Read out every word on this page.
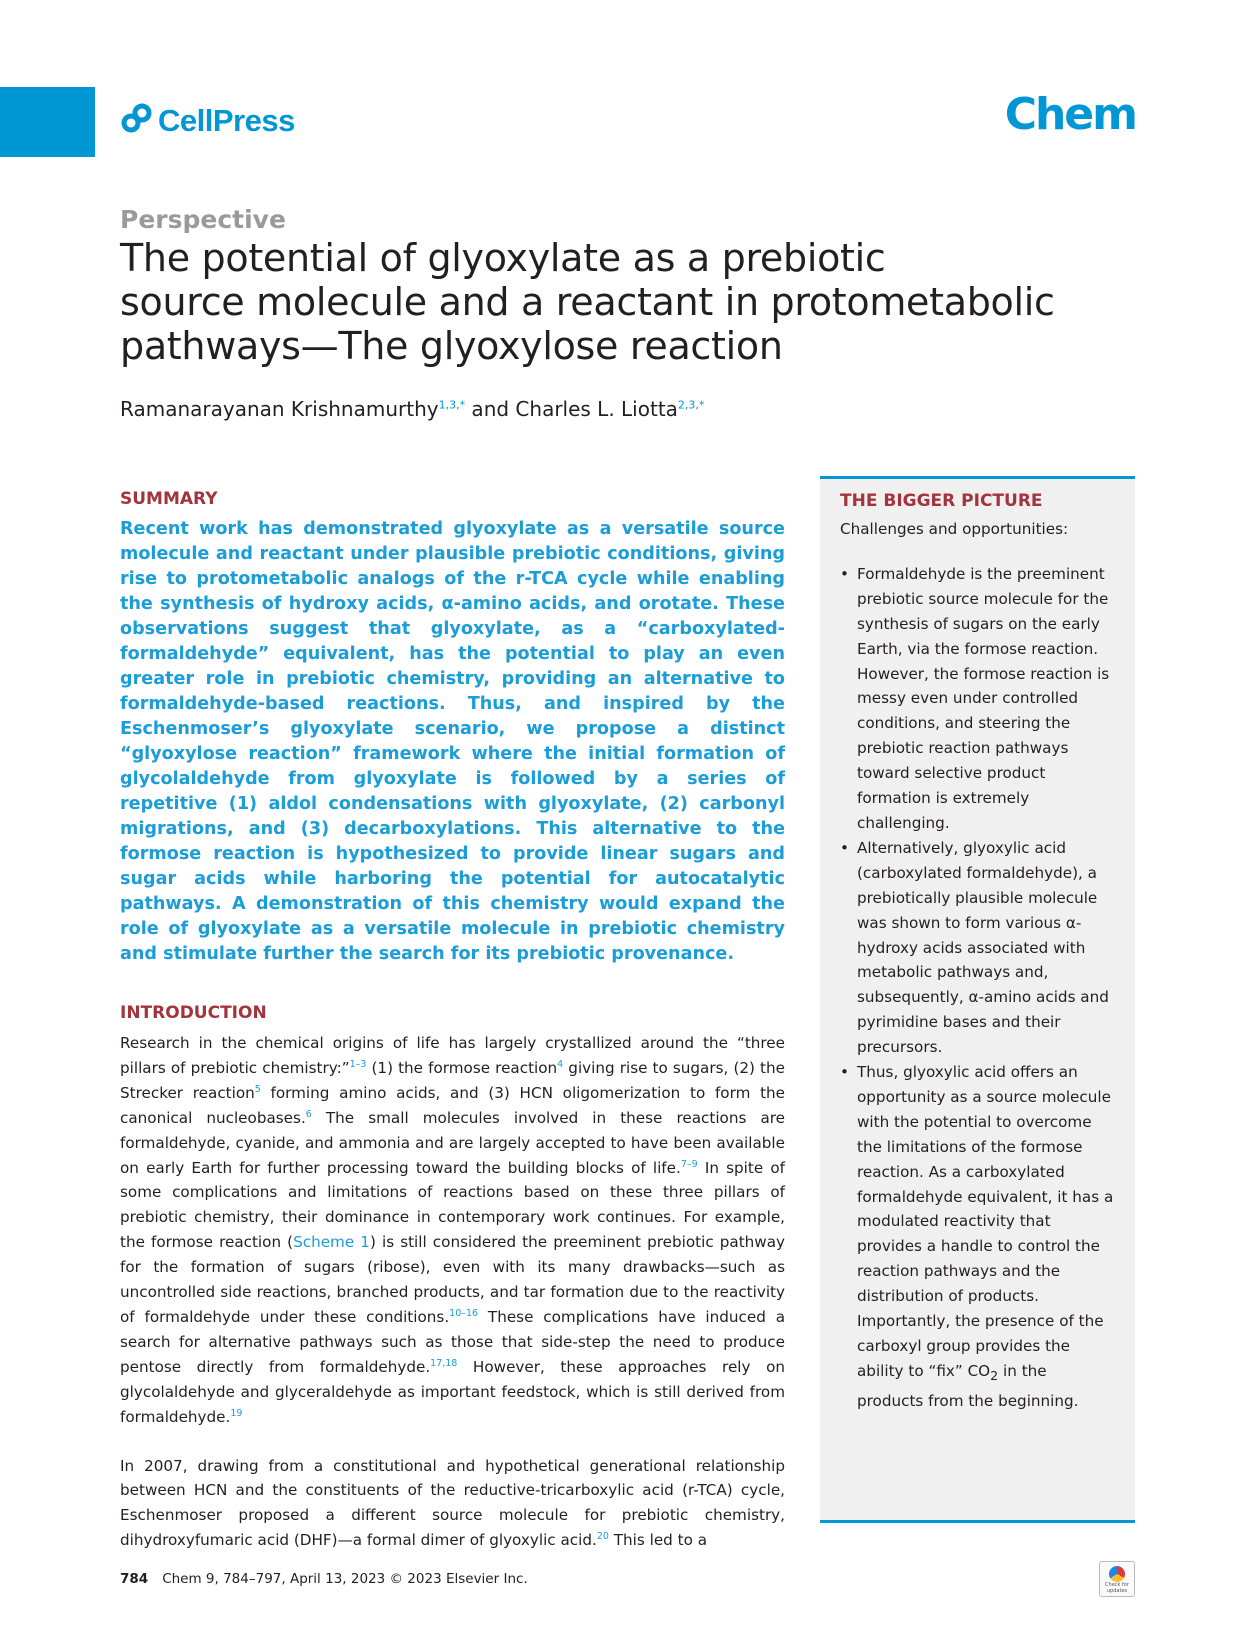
CellPress	Chem
Perspective
The potential of glyoxylate as a prebiotic
source molecule and a reactant in protometabolic
pathways—The glyoxylose reaction
Ramanarayanan Krishnamurthy$^{1,3,*}$ and Charles L. Liotta$^{2,3,*}$
SUMMARY

Recent work has demonstrated glyoxylate as a versatile source molecule and reactant under plausible prebiotic conditions, giving rise to protometabolic analogs of the r-TCA cycle while enabling the synthesis of hydroxy acids, α-amino acids, and orotate. These observations suggest that glyoxylate, as a “carboxylated-formaldehyde” equivalent, has the potential to play an even greater role in prebiotic chemistry, providing an alternative to formaldehyde-based reactions. Thus, and inspired by the Eschenmoser’s glyoxylate scenario, we propose a distinct “glyoxylose reaction” framework where the initial formation of glycolaldehyde from glyoxylate is followed by a series of repetitive (1) aldol condensations with glyoxylate, (2) carbonyl migrations, and (3) decarboxylations. This alternative to the formose reaction is hypothesized to provide linear sugars and sugar acids while harboring the potential for autocatalytic pathways. A demonstration of this chemistry would expand the role of glyoxylate as a versatile molecule in prebiotic chemistry and stimulate further the search for its prebiotic provenance.

INTRODUCTION

Research in the chemical origins of life has largely crystallized around the “three pillars of prebiotic chemistry:”$^{1-3}$ (1) the formose reaction$^4$ giving rise to sugars, (2) the Strecker reaction$^5$ forming amino acids, and (3) HCN oligomerization to form the canonical nucleobases.$^6$ The small molecules involved in these reactions are formaldehyde, cyanide, and ammonia and are largely accepted to have been available on early Earth for further processing toward the building blocks of life.$^{7-9}$ In spite of some complications and limitations of reactions based on these three pillars of prebiotic chemistry, their dominance in contemporary work continues. For example, the formose reaction (Scheme 1) is still considered the preeminent prebiotic pathway for the formation of sugars (ribose), even with its many drawbacks—such as uncontrolled side reactions, branched products, and tar formation due to the reactivity of formaldehyde under these conditions.$^{10-16}$ These complications have induced a search for alternative pathways such as those that side-step the need to produce pentose directly from formaldehyde.$^{17,18}$ However, these approaches rely on glycolaldehyde and glyceraldehyde as important feedstock, which is still derived from formaldehyde.$^{19}$

In 2007, drawing from a constitutional and hypothetical generational relationship between HCN and the constituents of the reductive-tricarboxylic acid (r-TCA) cycle, Eschenmoser proposed a different source molecule for prebiotic chemistry, dihydroxyfumaric acid (DHF)—a formal dimer of glyoxylic acid.$^{20}$ This led to a

THE BIGGER PICTURE

Challenges and opportunities:

• Formaldehyde is the preeminent prebiotic source molecule for the synthesis of sugars on the early Earth, via the formose reaction. However, the formose reaction is messy even under controlled conditions, and steering the prebiotic reaction pathways toward selective product formation is extremely challenging.
• Alternatively, glyoxylic acid (carboxylated formaldehyde), a prebiotically plausible molecule was shown to form various α-hydroxy acids associated with metabolic pathways and, subsequently, α-amino acids and pyrimidine bases and their precursors.
• Thus, glyoxylic acid offers an opportunity as a source molecule with the potential to overcome the limitations of the formose reaction. As a carboxylated formaldehyde equivalent, it has a modulated reactivity that provides a handle to control the reaction pathways and the distribution of products. Importantly, the presence of the carboxyl group provides the ability to “fix” $CO_2$ in the products from the beginning.
784 Chem 9, 784–797, April 13, 2023 © 2023 Elsevier Inc.	Check for updates
